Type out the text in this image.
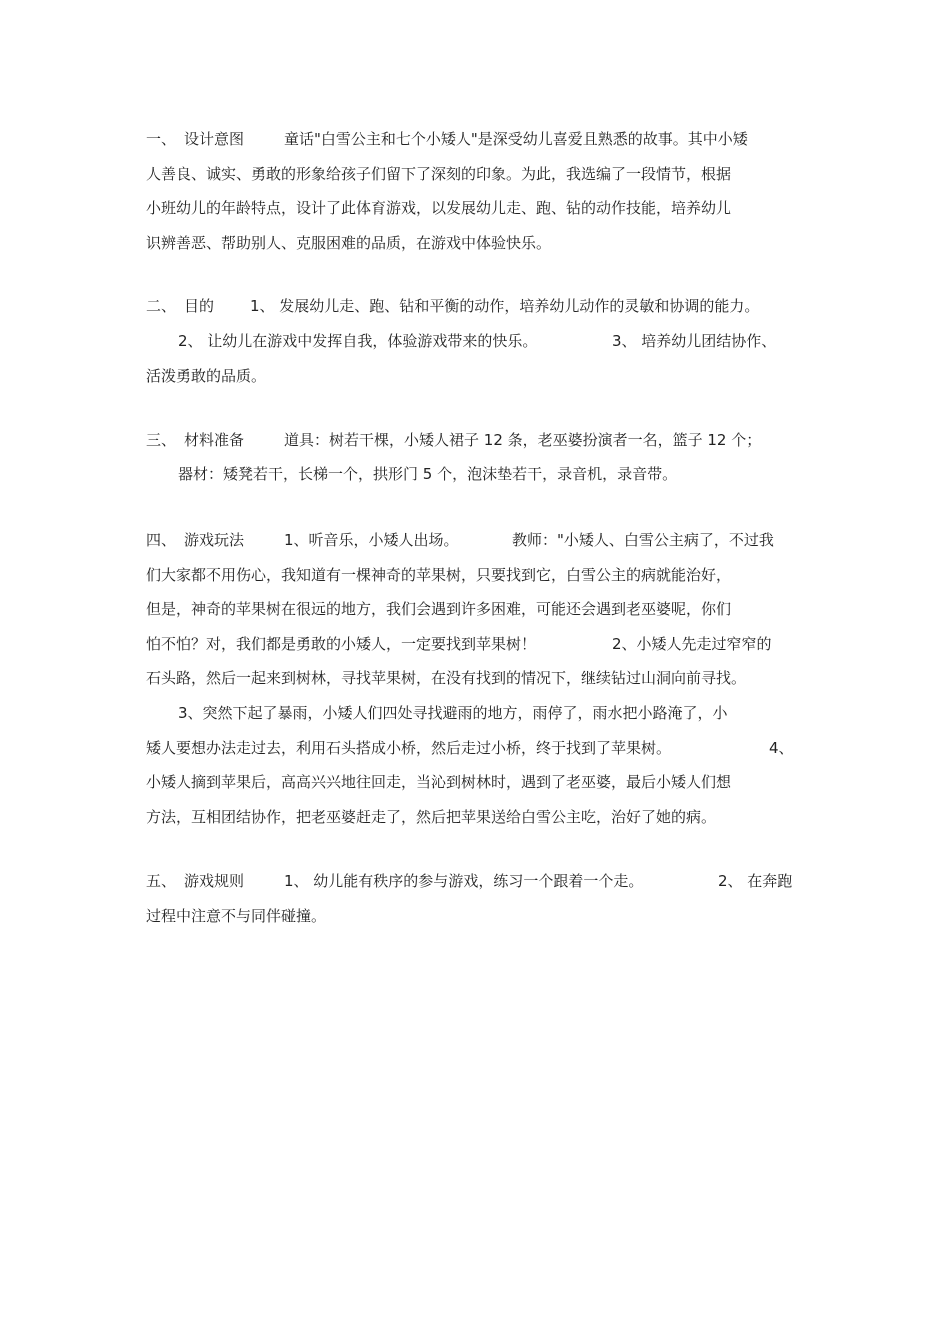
一、 设计意图	童话"白雪公主和七个小矮人"是深受幼儿喜爱且熟悉的故事。其中小矮
人善良、诚实、勇敢的形象给孩子们留下了深刻的印象。为此，我选编了一段情节，根据
小班幼儿的年龄特点，设计了此体育游戏，以发展幼儿走、跑、钻的动作技能，培养幼儿
识辨善恶、帮助别人、克服困难的品质，在游戏中体验快乐。
二、 目的 1、 发展幼儿走、跑、钻和平衡的动作，培养幼儿动作的灵敏和协调的能力。
2、 让幼儿在游戏中发挥自我，体验游戏带来的快乐。	3、 培养幼儿团结协作、
活泼勇敢的品质。
三、 材料准备	道具：树若干棵，小矮人裙子 12 条，老巫婆扮演者一名，篮子 12 个；
器材：矮凳若干，长梯一个，拱形门 5 个，泡沫垫若干，录音机，录音带。
四、 游戏玩法	1、听音乐，小矮人出场。	教师："小矮人、白雪公主病了，不过我
们大家都不用伤心，我知道有一棵神奇的苹果树，只要找到它，白雪公主的病就能治好，
但是，神奇的苹果树在很远的地方，我们会遇到许多困难，可能还会遇到老巫婆呢，你们
怕不怕？对，我们都是勇敢的小矮人，一定要找到苹果树！	2、小矮人先走过窄窄的
石头路，然后一起来到树林，寻找苹果树，在没有找到的情况下，继续钻过山洞向前寻找。
3、突然下起了暴雨，小矮人们四处寻找避雨的地方，雨停了，雨水把小路淹了，小
矮人要想办法走过去，利用石头搭成小桥，然后走过小桥，终于找到了苹果树。	4、
小矮人摘到苹果后，高高兴兴地往回走，当沁到树林时，遇到了老巫婆，最后小矮人们想
方法，互相团结协作，把老巫婆赶走了，然后把苹果送给白雪公主吃，治好了她的病。
五、 游戏规则	1、 幼儿能有秩序的参与游戏，练习一个跟着一个走。	2、 在奔跑
过程中注意不与同伴碰撞。
